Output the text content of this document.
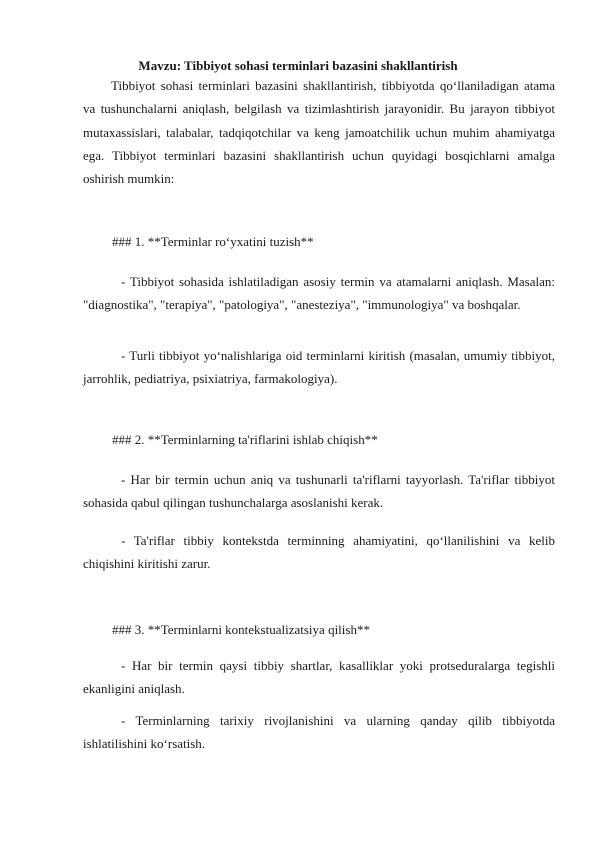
Mavzu: Tibbiyot sohasi terminlari bazasini shakllantirish

Tibbiyot sohasi terminlari bazasini shakllantirish, tibbiyotda qo‘llaniladigan atama va tushunchalarni aniqlash, belgilash va tizimlashtirish jarayonidir. Bu jarayon tibbiyot mutaxassislari, talabalar, tadqiqotchilar va keng jamoatchilik uchun muhim ahamiyatga ega. Tibbiyot terminlari bazasini shakllantirish uchun quyidagi bosqichlarni amalga oshirish mumkin:

### 1. **Terminlar ro‘yxatini tuzish**

- Tibbiyot sohasida ishlatiladigan asosiy termin va atamalarni aniqlash. Masalan: "diagnostika", "terapiya", "patologiya", "anesteziya", "immunologiya" va boshqalar.

- Turli tibbiyot yo‘nalishlariga oid terminlarni kiritish (masalan, umumiy tibbiyot, jarrohlik, pediatriya, psixiatriya, farmakologiya).

### 2. **Terminlarning ta'riflarini ishlab chiqish**

- Har bir termin uchun aniq va tushunarli ta'riflarni tayyorlash. Ta'riflar tibbiyot sohasida qabul qilingan tushunchalarga asoslanishi kerak.

- Ta'riflar tibbiy kontekstda terminning ahamiyatini, qo‘llanilishini va kelib chiqishini kiritishi zarur.

### 3. **Terminlarni kontekstualizatsiya qilish**

- Har bir termin qaysi tibbiy shartlar, kasalliklar yoki protseduralarga tegishli ekanligini aniqlash.

- Terminlarning tarixiy rivojlanishini va ularning qanday qilib tibbiyotda ishlatilishini ko‘rsatish.
